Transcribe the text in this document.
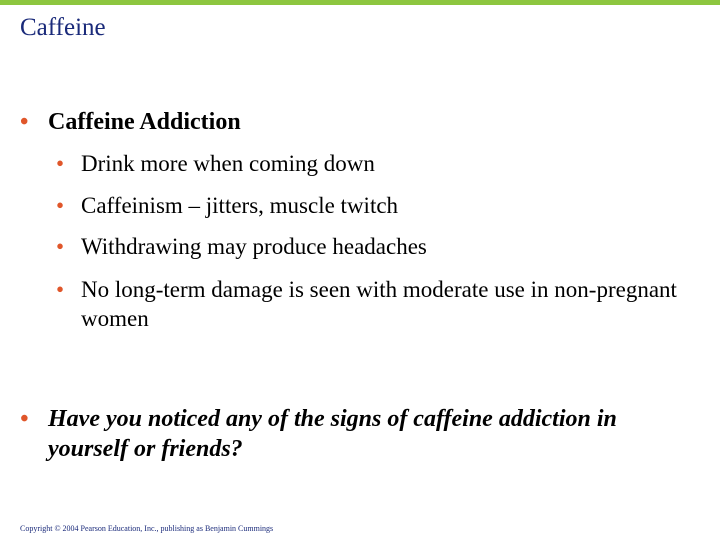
Caffeine
• Caffeine Addiction
• Drink more when coming down
• Caffeinism – jitters, muscle twitch
• Withdrawing may produce headaches
• No long-term damage is seen with moderate use in non-pregnant women
• Have you noticed any of the signs of caffeine addiction in yourself or friends?
Copyright © 2004 Pearson Education, Inc., publishing as Benjamin Cummings
